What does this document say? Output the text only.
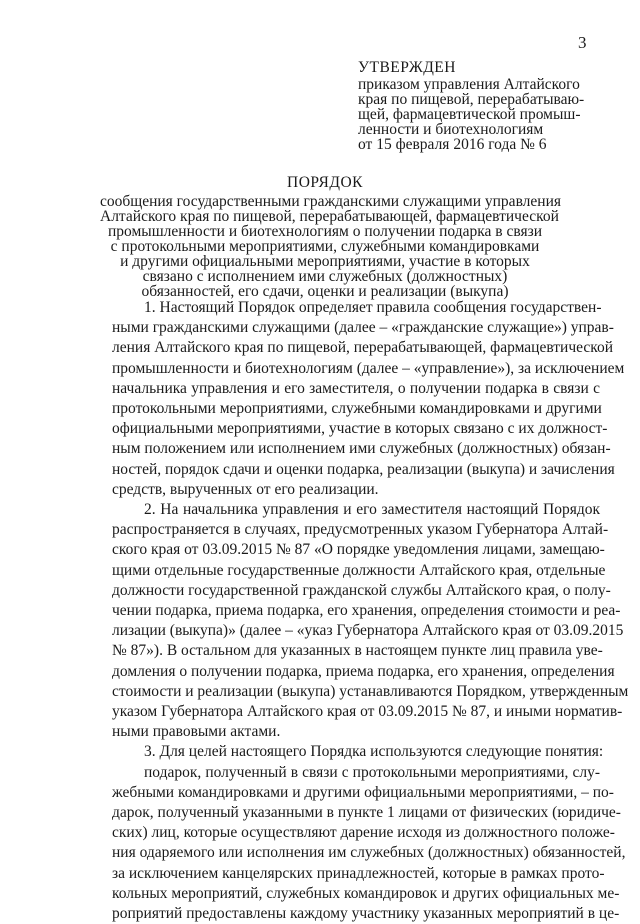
3
УТВЕРЖДЕН
приказом управления Алтайского
края по пищевой, перерабатываю-
щей, фармацевтической промыш-
ленности и биотехнологиям
от 15 февраля 2016 года № 6
ПОРЯДОК
сообщения государственными гражданскими служащими управления
Алтайского края по пищевой, перерабатывающей, фармацевтической
промышленности и биотехнологиям о получении подарка в связи
с протокольными мероприятиями, служебными командировками
и другими официальными мероприятиями, участие в которых
связано с исполнением ими служебных (должностных)
обязанностей, его сдачи, оценки и реализации (выкупа)
1. Настоящий Порядок определяет правила сообщения государствен-
ными гражданскими служащими (далее – «гражданские служащие») управ-
ления Алтайского края по пищевой, перерабатывающей, фармацевтической
промышленности и биотехнологиям (далее – «управление»), за исключением
начальника управления и его заместителя, о получении подарка в связи с
протокольными мероприятиями, служебными командировками и другими
официальными мероприятиями, участие в которых связано с их должност-
ным положением или исполнением ими служебных (должностных) обязан-
ностей, порядок сдачи и оценки подарка, реализации (выкупа) и зачисления
средств, вырученных от его реализации.
2. На начальника управления и его заместителя настоящий Порядок
распространяется в случаях, предусмотренных указом Губернатора Алтай-
ского края от 03.09.2015 № 87 «О порядке уведомления лицами, замещаю-
щими отдельные государственные должности Алтайского края, отдельные
должности государственной гражданской службы Алтайского края, о полу-
чении подарка, приема подарка, его хранения, определения стоимости и реа-
лизации (выкупа)» (далее – «указ Губернатора Алтайского края от 03.09.2015
№ 87»). В остальном для указанных в настоящем пункте лиц правила уве-
домления о получении подарка, приема подарка, его хранения, определения
стоимости и реализации (выкупа) устанавливаются Порядком, утвержденным
указом Губернатора Алтайского края от 03.09.2015 № 87, и иными норматив-
ными правовыми актами.
3. Для целей настоящего Порядка используются следующие понятия:
подарок, полученный в связи с протокольными мероприятиями, слу-
жебными командировками и другими официальными мероприятиями, – по-
дарок, полученный указанными в пункте 1 лицами от физических (юридиче-
ских) лиц, которые осуществляют дарение исходя из должностного положе-
ния одаряемого или исполнения им служебных (должностных) обязанностей,
за исключением канцелярских принадлежностей, которые в рамках прото-
кольных мероприятий, служебных командировок и других официальных ме-
роприятий предоставлены каждому участнику указанных мероприятий в це-
